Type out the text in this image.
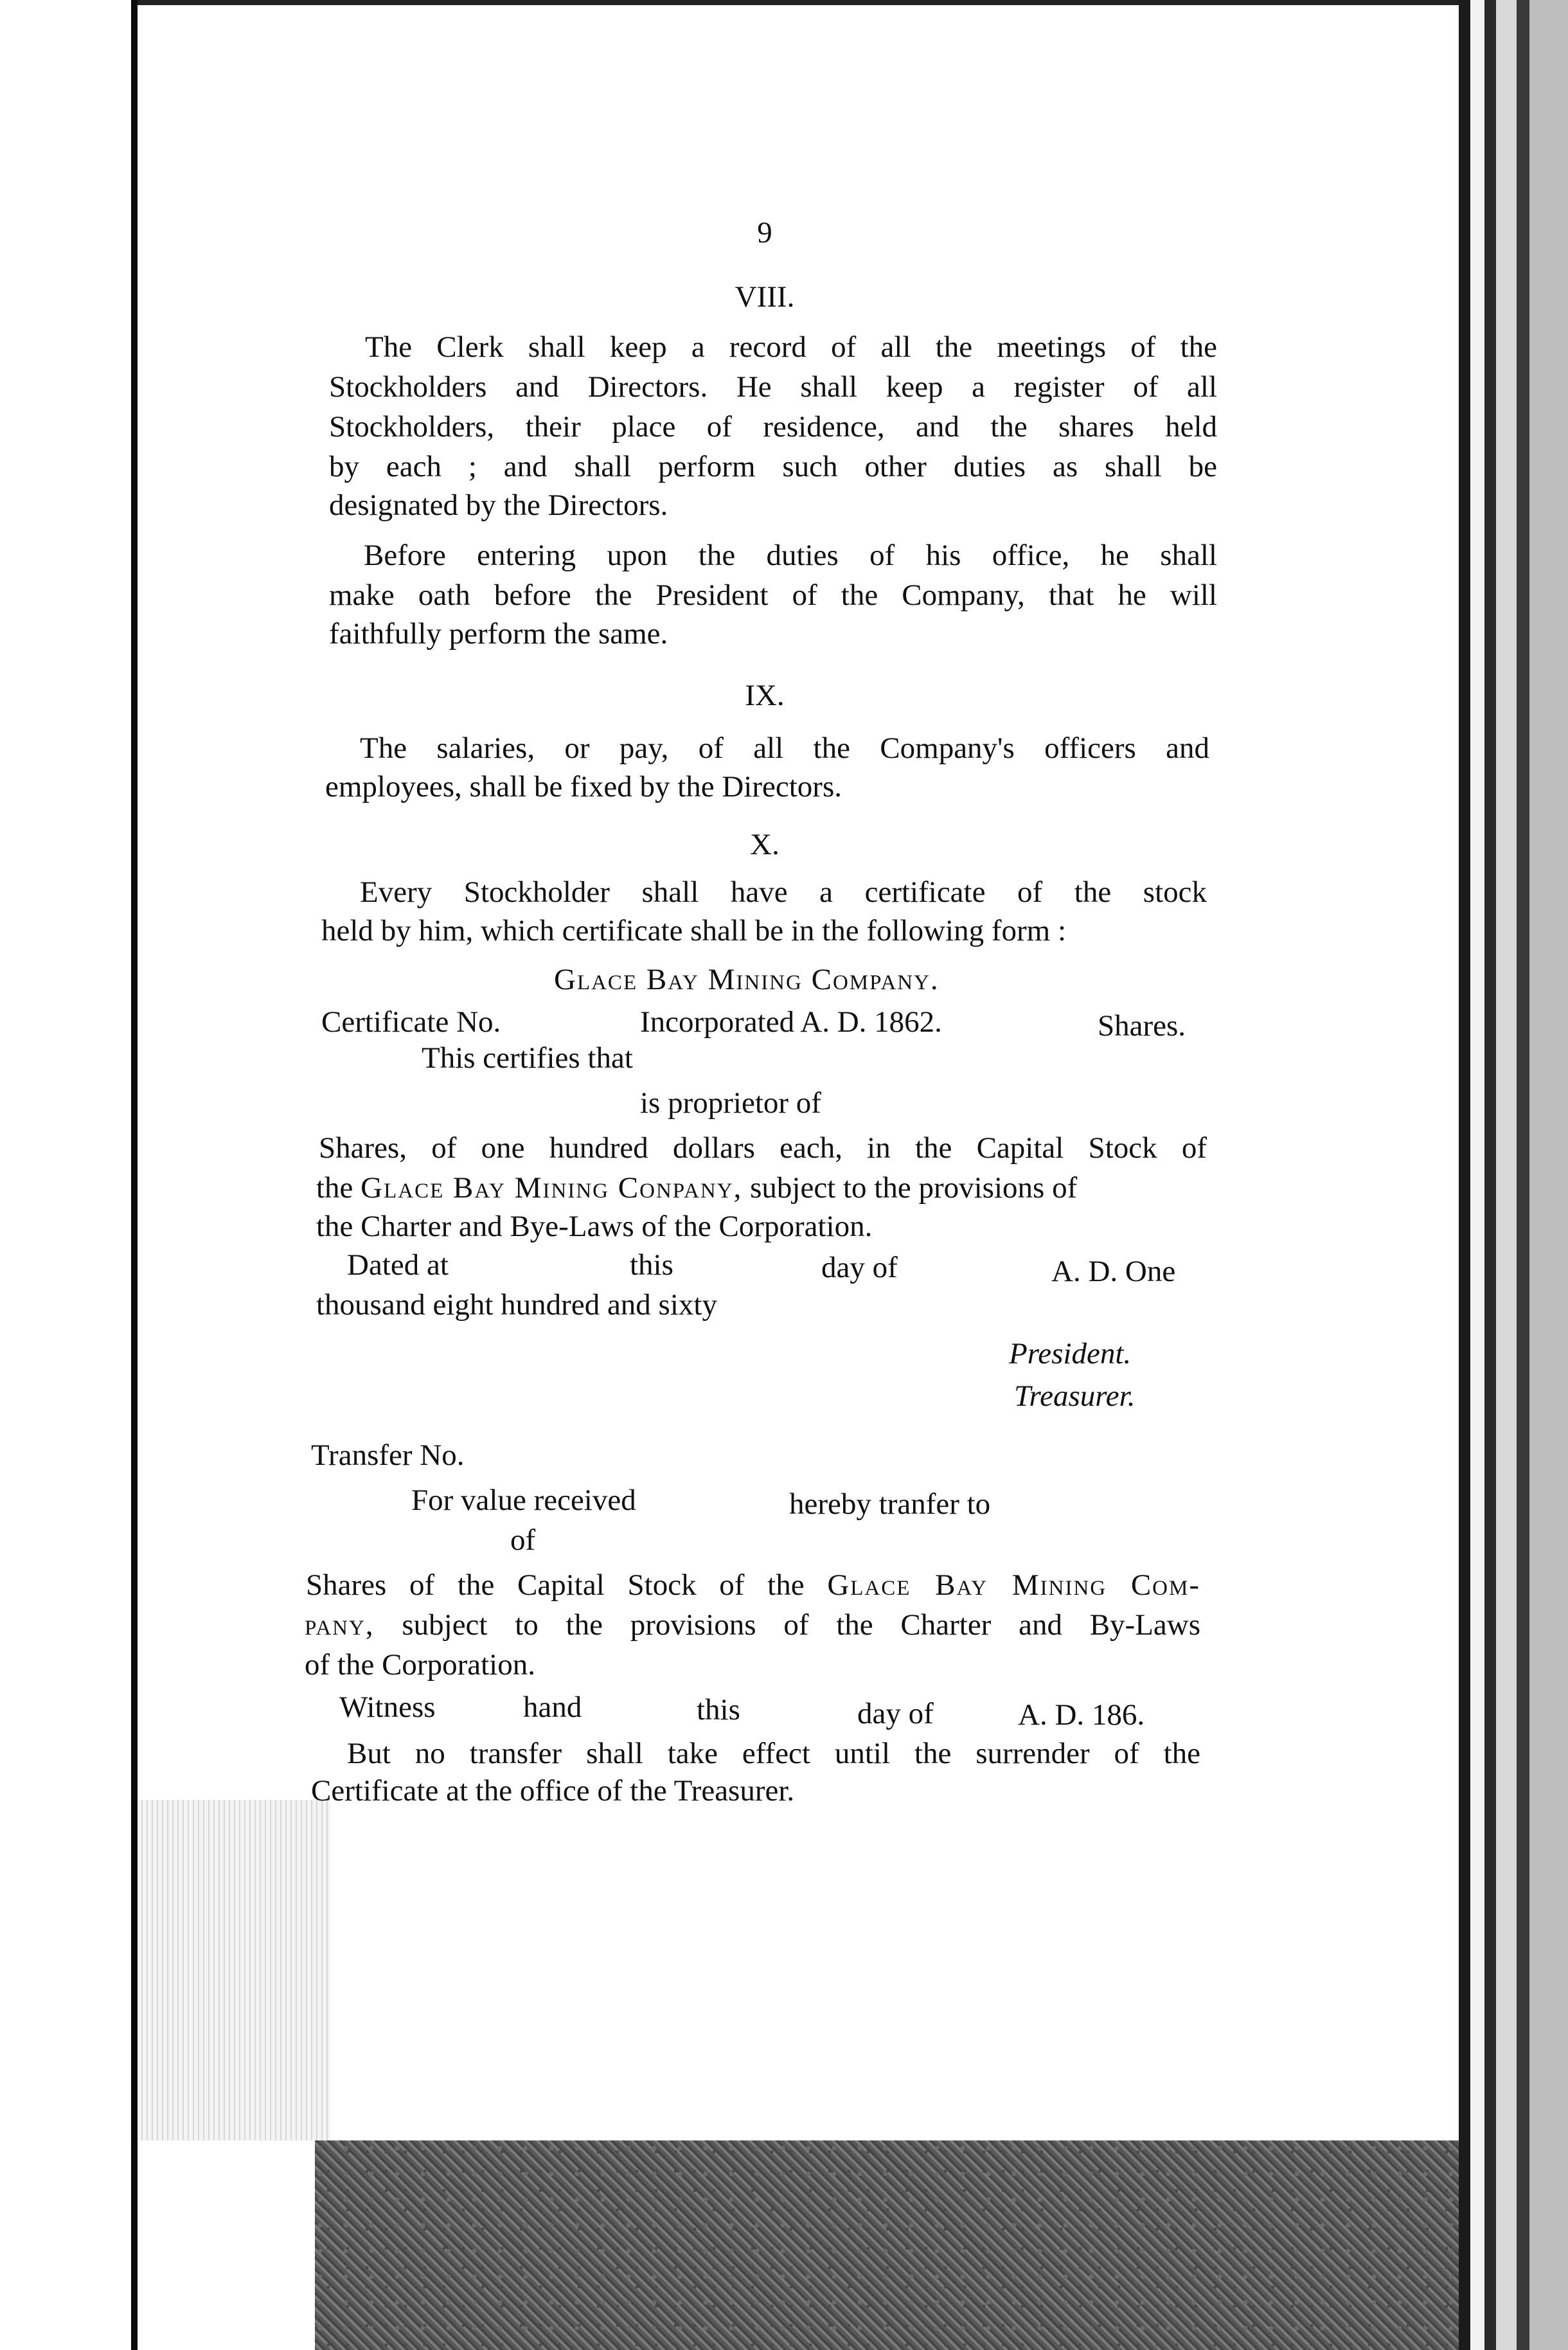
9
VIII.
The Clerk shall keep a record of all the meetings of the
Stockholders and Directors. He shall keep a register of all
Stockholders, their place of residence, and the shares held
by each ; and shall perform such other duties as shall be
designated by the Directors.
Before entering upon the duties of his office, he shall
make oath before the President of the Company, that he will
faithfully perform the same.
IX.
The salaries, or pay, of all the Company's officers and
employees, shall be fixed by the Directors.
X.
Every Stockholder shall have a certificate of the stock
held by him, which certificate shall be in the following form :
Glace Bay Mining Company.
Certificate No.	Incorporated A. D. 1862.	Shares.
This certifies that
is proprietor of
Shares, of one hundred dollars each, in the Capital Stock of
the Glace Bay Mining Conpany, subject to the provisions of
the Charter and Bye-Laws of the Corporation.
Dated at	this	day of	A. D. One
thousand eight hundred and sixty
President.
Treasurer.
Transfer No.
For value received	hereby tranfer to
of
Shares of the Capital Stock of the Glace Bay Mining Com-
pany, subject to the provisions of the Charter and By-Laws
of the Corporation.
Witness	hand	this	day of	A. D. 186.
But no transfer shall take effect until the surrender of the
Certificate at the office of the Treasurer.
